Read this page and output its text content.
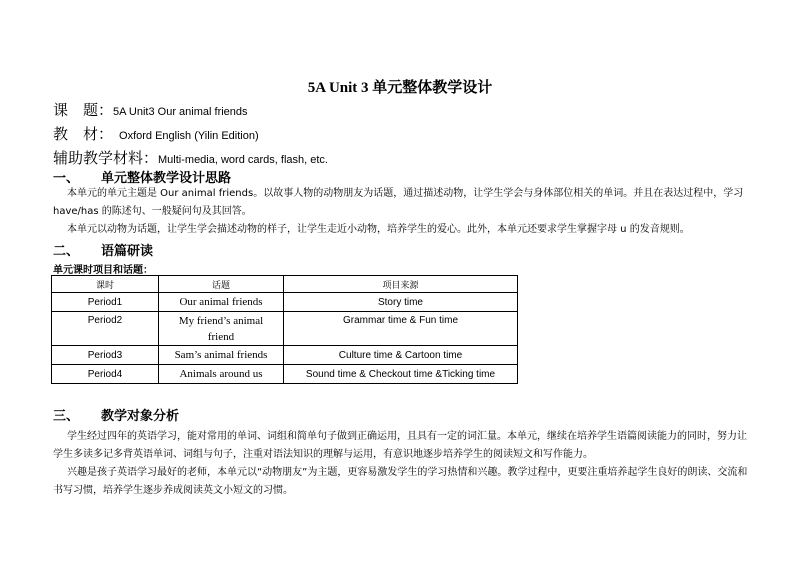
5A Unit 3 单元整体教学设计
课　题：5A Unit3 Our animal friends
教　材： Oxford English (Yilin Edition)
辅助教学材料：Multi-media, word cards, flash, etc.
一、 单元整体教学设计思路

本单元的单元主题是 Our animal friends。以故事人物的动物朋友为话题，通过描述动物，让学生学会与身体部位相关的单词。并且在表达过程中，学习 have/has 的陈述句、一般疑问句及其回答。

本单元以动物为话题，让学生学会描述动物的样子，让学生走近小动物，培养学生的爱心。此外，本单元还要求学生掌握字母 u 的发音规则。

二、 语篇研读
单元课时项目和话题：
课时	话题	项目来源
Period1	Our animal friends	Story time
Period2	My friend’s animal friend	Grammar time & Fun time
Period3	Sam’s animal friends	Culture time & Cartoon time
Period4	Animals around us	Sound time & Checkout time &Ticking time
三、 教学对象分析

学生经过四年的英语学习，能对常用的单词、词组和简单句子做到正确运用，且具有一定的词汇量。本单元，继续在培养学生语篇阅读能力的同时，努力让学生多读多记多背英语单词、词组与句子，注重对语法知识的理解与运用，有意识地逐步培养学生的阅读短文和写作能力。

兴趣是孩子英语学习最好的老师，本单元以“动物朋友”为主题，更容易激发学生的学习热情和兴趣。教学过程中，更要注重培养起学生良好的朗读、交流和书写习惯，培养学生逐步养成阅读英文小短文的习惯。
